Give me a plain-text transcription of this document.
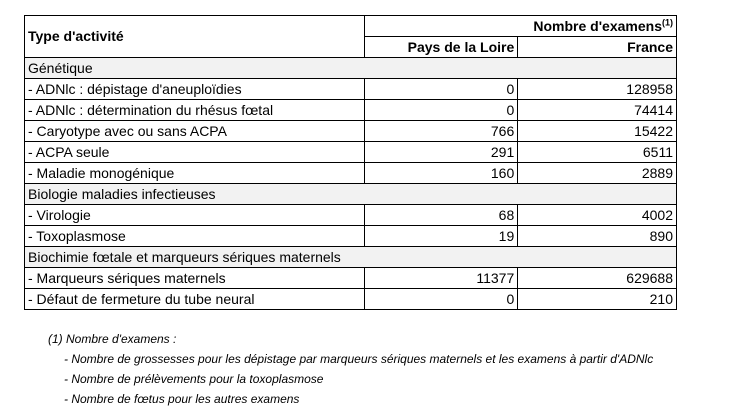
Type d'activité	Nombre d'examens$^{(1)}$
	Pays de la Loire	France
Génétique		
- ADNlc : dépistage d'aneuploïdies	0	128958
- ADNlc : détermination du rhésus fœtal	0	74414
- Caryotype avec ou sans ACPA	766	15422
- ACPA seule	291	6511
- Maladie monogénique	160	2889
Biologie maladies infectieuses		
- Virologie	68	4002
- Toxoplasmose	19	890
Biochimie fœtale et marqueurs sériques maternels		
- Marqueurs sériques maternels	11377	629688
- Défaut de fermeture du tube neural	0	210
(1) Nombre d'examens :
- Nombre de grossesses pour les dépistage par marqueurs sériques maternels et les examens à partir d'ADNlc
- Nombre de prélèvements pour la toxoplasmose
- Nombre de fœtus pour les autres examens
